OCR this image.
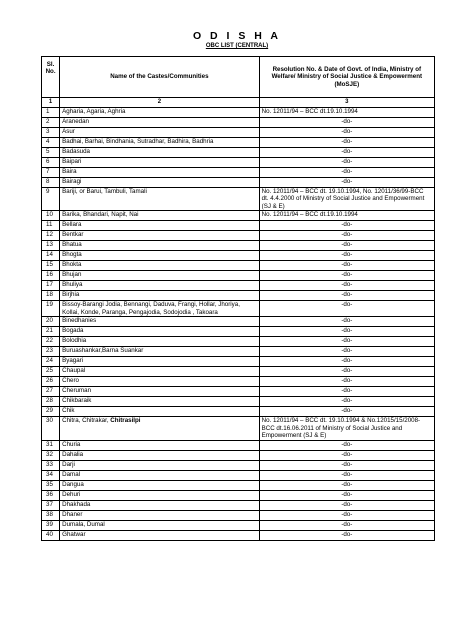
O D I S H A
OBC LIST (CENTRAL)
Sl. No.	Name of the Castes/Communities	Resolution No. & Date of Govt. of India, Ministry of Welfare/ Ministry of Social Justice & Empowerment (MoSJE)
1	2	3
1	Agharia, Agaria, Aghria	No. 12011/94 – BCC dt.19.10.1994
2	Aranedan	-do-
3	Asur	-do-
4	Badhai, Barhai, Bindhania, Sutradhar, Badhira, Badhria	-do-
5	Badasuda	-do-
6	Baipari	-do-
7	Baira	-do-
8	Bairagi	-do-
9	Bariji, or Barui, Tambuli, Tamali	No. 12011/94 – BCC dt. 19.10.1994, No. 12011/36/99-BCC dt. 4.4.2000 of Ministry of Social Justice and Empowerment (SJ & E)
10	Barika, Bhandari, Napit, Nai	No. 12011/94 – BCC dt.19.10.1994
11	Bellara	-do-
12	Bentkar	-do-
13	Bhatua	-do-
14	Bhogta	-do-
15	Bhokta	-do-
16	Bhujan	-do-
17	Bhuliya	-do-
18	Birjhia	-do-
19	Bissoy-Barangi Jodia, Bennangi, Daduva, Frangi, Hollar, Jhoriya, Kollai, Konde, Paranga, Pengajodia, Sodojodia , Takoara	-do-
20	Binedhanies	-do-
21	Bogada	-do-
22	Bolodhia	-do-
23	Buruashankar,Barna Suankar	-do-
24	Byagari	-do-
25	Chaupal	-do-
26	Chero	-do-
27	Cheruman	-do-
28	Chikbaraik	-do-
29	Chik	-do-
30	Chitra, Chitrakar, Chitrasilpi	No. 12011/94 – BCC dt. 19.10.1994 & No.12015/15/2008-BCC dt.16.06.2011 of Ministry of Social Justice and Empowerment (SJ & E)
31	Churia	-do-
32	Dahalia	-do-
33	Darji	-do-
34	Damal	-do-
35	Dangua	-do-
36	Dehuri	-do-
37	Dhakhada	-do-
38	Dhaner	-do-
39	Dumala, Dumal	-do-
40	Ghatwar	-do-
